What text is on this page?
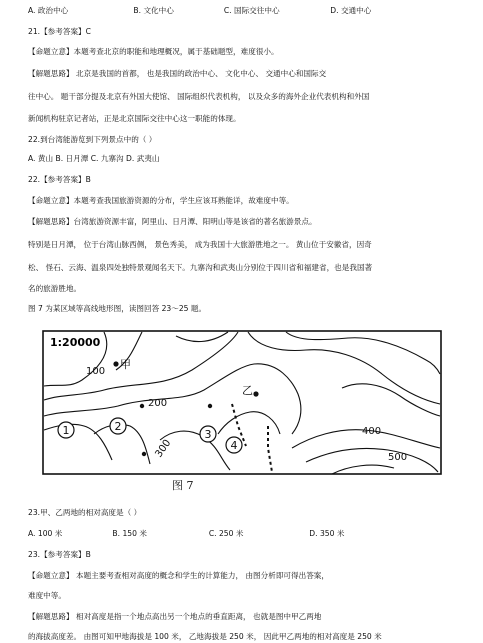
A. 政治中心	B. 文化中心	C. 国际交往中心	D. 交通中心
21.【参考答案】C
【命题立意】本题考查北京的职能和地理概况，属于基础题型，难度很小。
【解题思路】 北京是我国的首都， 也是我国的政治中心、 文化中心、 交通中心和国际交
往中心。 题干部分提及北京有外国大使馆、 国际组织代表机构， 以及众多的海外企业代表机构和外国
新闻机构驻京记者站，正是北京国际交往中心这一职能的体现。
22.到台湾能游览到下列景点中的（ ）
A. 黄山 B. 日月潭 C. 九寨沟 D. 武夷山
22.【参考答案】B
【命题立意】本题考查我国旅游资源的分布，学生应该耳熟能详，故难度中等。
【解题思路】台湾旅游资源丰富，阿里山、日月潭、阳明山等是该省的著名旅游景点。
特别是日月潭， 位于台湾山脉西侧， 景色秀美， 成为我国十大旅游胜地之一。 黄山位于安徽省，因奇
松、 怪石、云海、温泉四处独特景观闻名天下。九寨沟和武夷山分别位于四川省和福建省，也是我国著
名的旅游胜地。
图 7 为某区域等高线地形图，读图回答 23～25 题。
1:20000
甲
乙
100
200
300
400
500
1	2
3
4
图 7
23.甲、乙两地的相对高度是（ ）
A. 100 米	B. 150 米	C. 250 米	D. 350 米
23.【参考答案】B
【命题立意】 本题主要考查相对高度的概念和学生的计算能力， 由图分析即可得出答案，
难度中等。
【解题思路】 相对高度是指一个地点高出另一个地点的垂直距离， 也就是图中甲乙两地
的海拔高度差。 由图可知甲地海拔是 100 米， 乙地海拔是 250 米， 因此甲乙两地的相对高度是 250 米
